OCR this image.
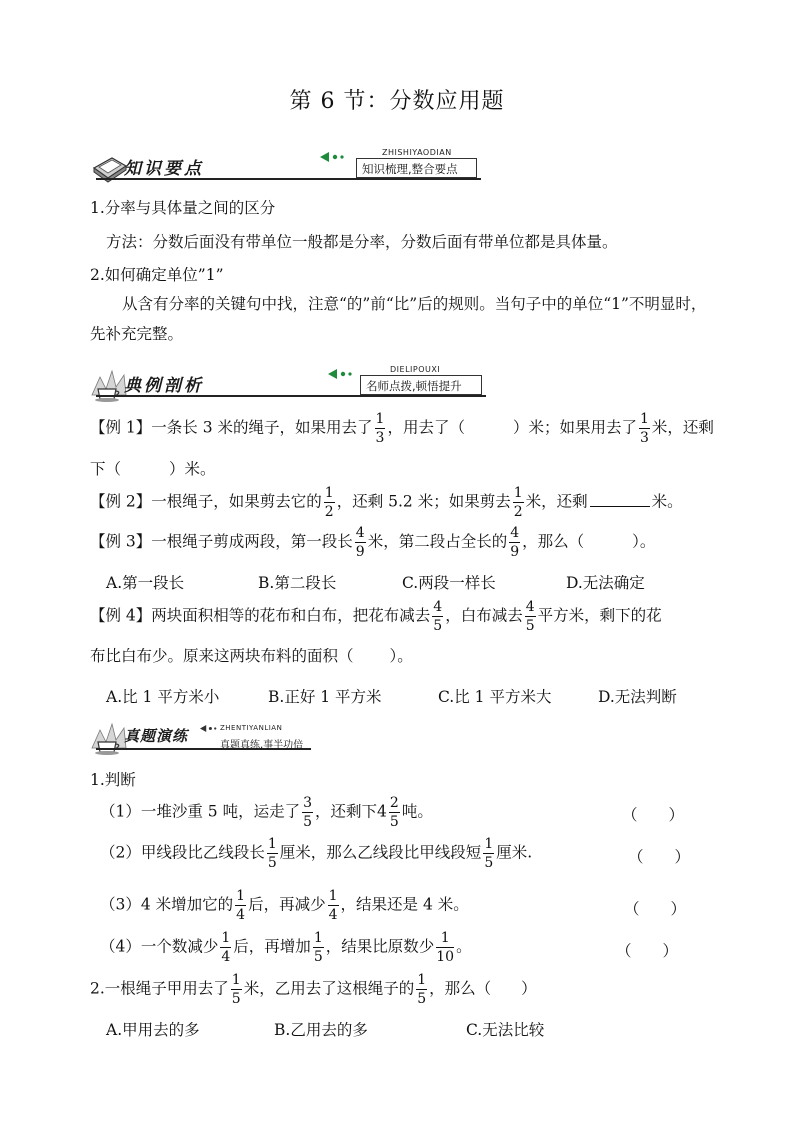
第 6 节：分数应用题
知识要点
ZHISHIYAODIAN
知识梳理,整合要点
1.分率与具体量之间的区分
方法：分数后面没有带单位一般都是分率，分数后面有带单位都是具体量。
2.如何确定单位”1”
从含有分率的关键句中找，注意“的”前“比”后的规则。当句子中的单位“1”不明显时，
先补充完整。
典例剖析
DIELIPOUXI
名师点拨,顿悟提升
【例 1】一条长 3 米的绳子，如果用去了 $\frac{1}{3}$ ，用去了（	）米；如果用去了 $\frac{1}{3}$ 米，还剩
下（	）米。
【例 2】一根绳子，如果剪去它的 $\frac{1}{2}$ ，还剩 5.2 米；如果剪去 $\frac{1}{2}$ 米，还剩	米。
【例 3】一根绳子剪成两段，第一段长 $\frac{4}{9}$ 米，第二段占全长的 $\frac{4}{9}$ ，那么（	）。
A.第一段长	B.第二段长	C.两段一样长	D.无法确定
【例 4】两块面积相等的花布和白布，把花布减去 $\frac{4}{5}$ ，白布减去 $\frac{4}{5}$ 平方米，剩下的花
布比白布少。原来这两块布料的面积（ ）。
A.比 1 平方米小	B.正好 1 平方米	C.比 1 平方米大	D.无法判断
真题演练	ZHENTIYANLIAN
真题真练,事半功倍
1.判断
（1）一堆沙重 5 吨，运走了 $\frac{3}{5}$ ，还剩下$4 \frac{2}{5}$ 吨。	（　　）
（2）甲线段比乙线段长 $\frac{1}{5}$ 厘米，那么乙线段比甲线段短 $\frac{1}{5}$ 厘米.	（　　）
（3）4 米增加它的 $\frac{1}{4}$ 后，再减少 $\frac{1}{4}$ ，结果还是 4 米。	（　　）
（4）一个数减少 $\frac{1}{4}$ 后，再增加 $\frac{1}{5}$ ，结果比原数少 $\frac{1}{10}$ 。	（　　）
2.一根绳子甲用去了 $\frac{1}{5}$ 米，乙用去了这根绳子的 $\frac{1}{5}$ ，那么（ ）
A.甲用去的多	B.乙用去的多	C.无法比较
